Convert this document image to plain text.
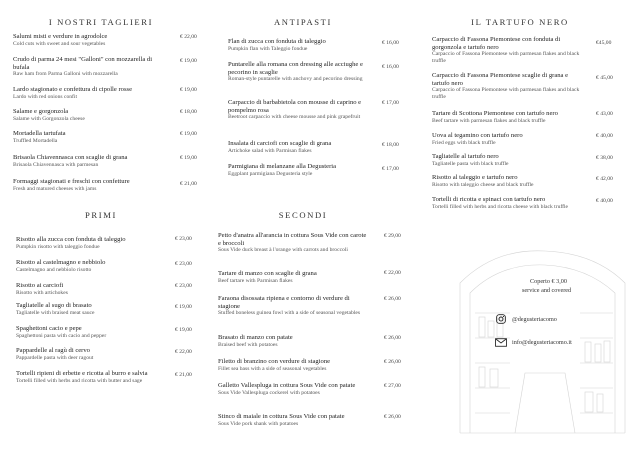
I NOSTRI TAGLIERI	ANTIPASTI	IL TARTUFO NERO
PRIMI	SECONDI
Salumi misti e verdure in agrodolce
Cold cuts with sweet and sour vegetables
€ 22,00
Crudo di parma 24 mesi "Galloni" con mozzarella di bufala
Raw ham from Parma Galloni with mozzarella
€ 19,00
Lardo stagionato e confettura di cipolle rosse
Lardo with red onions confit
€ 19,00
Salame e gorgonzola
Salame with Gorgonzola cheese
€ 18,00
Mortadella tartufata
Truffled Mortadella
€ 19,00
Brisaola Chiavennasca con scaglie di grana
Brisaola Chiavennasca with parmesan
€ 19,00
Formaggi stagionati e freschi con confetture
Fresh and matured cheeses with jams
€ 21,00
Flan di zucca con fonduta di taleggio
Pumpkin flan with Taleggio fondue
€ 16,00
Puntarelle alla romana con dressing alle acciughe e pecorino in scaglie
Roman-style puntarelle with anchovy and pecorino dressing
€ 16,00
Carpaccio di barbabietola con mousse di caprino e pompelmo rosa
Beetroot carpaccio with cheese mousse and pink grapefruit
€ 17,00
Insalata di carciofi con scaglie di grana
Artichoke salad with Parmisan flakes
€ 18,00
Parmigiana di melanzane alla Degusteria
Eggplant parmigiana Degusteria style
€ 17,00
Carpaccio di Fassona Piemontese con fonduta di gorgonzola e tartufo nero
Carpaccio of Fassona Piemontese with parmesan flakes and black truffle
€45,00
Carpaccio di Fassona Piemontese scaglie di grana e tartufo nero
Carpaccio of Fassona Piemontese with parmesan flakes and black truffle
€ 45,00
Tartare di Scottona Piemontese con tartufo nero
Beef tartare with parmesan flakes and black truffle
€ 43,00
Uova al tegamino con tartufo nero
Fried eggs with black truffle
€ 40,00
Tagliatelle al tartufo nero
Tagliatelle pasta with black truffle
€ 38,00
Risotto al taleggio e tartufo nero
Risotto with taleggio cheese and black truffle
€ 42,00
Tortelli di ricotta e spinaci con tartufo nero
Tortelli filled with herbs and ricotta cheese with black truffle
€ 40,00
Risotto alla zucca con fonduta di taleggio
Pumpkin risotto with taleggio fondue
€ 23,00
Risotto al castelmagno e nebbiolo
Castelmagno and nebbiolo risotto
€ 23,00
Risotto ai carciofi
Risotto with artichokes
€ 23,00
Tagliatelle al sugo di brasato
Tagliatelle with braised meat sauce
€ 19,00
Spaghettoni cacio e pepe
Spaghettoni pasta with cacio and pepper
€ 19,00
Pappardelle al ragù di cervo
Pappardelle pasta with deer ragout
€ 22,00
Tortelli ripieni di erbette e ricotta al burro e salvia
Tortelli filled with herbs and ricotta with butter and sage
€ 21,00
Petto d'anatra all'arancia in cottura Sous Vide con carote e broccoli
Sous Vide duck breast à l'orange with carrots and broccoli
€ 29,00
Tartare di manzo con scaglie di grana
Beef tartare with Parmisan flakes
€ 22,00
Faraona disossata ripiena e contorno di verdure di stagione
Stuffed boneless guinea fowl with a side of seasonal vegetables
€ 26,00
Brasato di manzo con patate
Braised beef with potatoes
€ 26,00
Filetto di branzino con verdure di stagione
Fillet sea bass with a side of seasonal vegetables
€ 26,00
Galletto Vallespluga in cottura Sous Vide con patate
Sous Vide Vallespluga cockerel with potatoes
€ 27,00
Stinco di maiale in cottura Sous Vide con patate
Sous Vide pork shank with potatoes
€ 26,00
Coperto € 3,00
service and covered
@degusteriacomo
info@degusteriacomo.it
